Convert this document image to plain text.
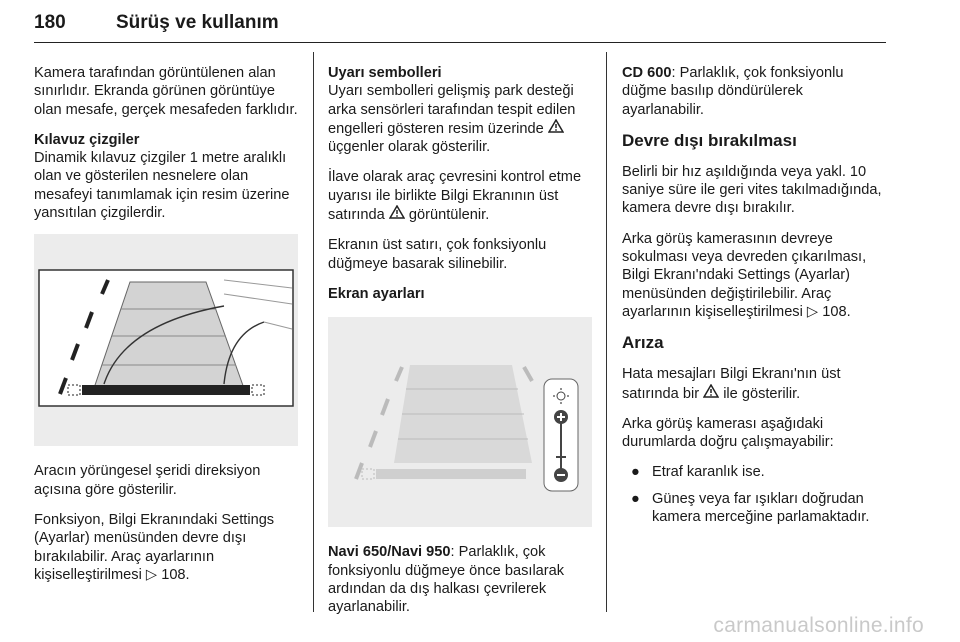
180	Sürüş ve kullanım

Kamera tarafından görüntülenen alan sınırlıdır. Ekranda görünen görüntüye olan mesafe, gerçek mesafeden farklıdır.

Kılavuz çizgiler

Dinamik kılavuz çizgiler 1 metre aralıklı olan ve gösterilen nesnelere olan mesafeyi tanımlamak için resim üzerine yansıtılan çizgilerdir.

Aracın yörüngesel şeridi direksiyon açısına göre gösterilir.

Fonksiyon, Bilgi Ekranındaki Settings (Ayarlar) menüsünden devre dışı bırakılabilir. Araç ayarlarının kişiselleştirilmesi ▷ 108.

Uyarı sembolleri

Uyarı sembolleri gelişmiş park desteği arka sensörleri tarafından tespit edilen engelleri gösteren resim üzerinde  üçgenler olarak gösterilir.

İlave olarak araç çevresini kontrol etme uyarısı ile birlikte Bilgi Ekranının üst satırında görüntülenir.

Ekranın üst satırı, çok fonksiyonlu düğmeye basarak silinebilir.

Ekran ayarları

Navi 650/Navi 950: Parlaklık, çok fonksiyonlu düğmeye önce basılarak ardından da dış halkası çevrilerek ayarlanabilir.

CD 600: Parlaklık, çok fonksiyonlu düğme basılıp döndürülerek ayarlanabilir.

Devre dışı bırakılması

Belirli bir hız aşıldığında veya yakl. 10 saniye süre ile geri vites takılmadığında, kamera devre dışı bırakılır.

Arka görüş kamerasının devreye sokulması veya devreden çıkarılması, Bilgi Ekranı'ndaki Settings (Ayarlar) menüsünden değiştirilebilir. Araç ayarlarının kişiselleştirilmesi ▷ 108.

Arıza

Hata mesajları Bilgi Ekranı'nın üst satırında bir ile gösterilir.

Arka görüş kamerası aşağıdaki durumlarda doğru çalışmayabilir:

● Etraf karanlık ise.
● Güneş veya far ışıkları doğrudan kamera merceğine parlamaktadır.
carmanualsonline.info
